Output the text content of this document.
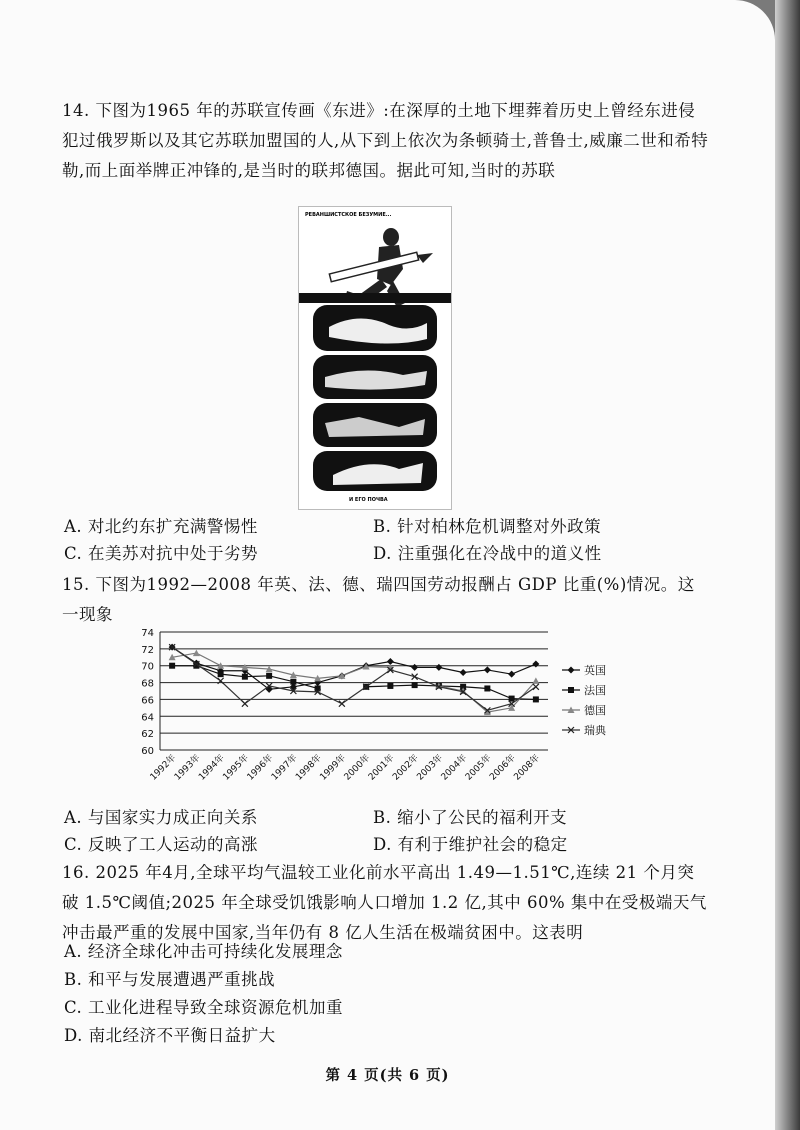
14. 下图为1965 年的苏联宣传画《东进》:在深厚的土地下埋葬着历史上曾经东进侵犯过俄罗斯以及其它苏联加盟国的人,从下到上依次为条顿骑士,普鲁士,威廉二世和希特勒,而上面举牌正冲锋的,是当时的联邦德国。据此可知,当时的苏联
РЕВАНШИСТСКОЕ БЕЗУМИЕ...
И ЕГО ПОЧВА
A. 对北约东扩充满警惕性	B. 针对柏林危机调整对外政策
C. 在美苏对抗中处于劣势	D. 注重强化在冷战中的道义性
15. 下图为1992—2008 年英、法、德、瑞四国劳动报酬占 GDP 比重(%)情况。这一现象
60
62
64
66
68
70
72
74
1992年
1993年
1994年
1995年
1996年
1997年
1998年
1999年
2000年
2001年
2002年
2003年
2004年
2005年
2006年
2008年
英国
法国
德国
瑞典
A. 与国家实力成正向关系	B. 缩小了公民的福利开支
C. 反映了工人运动的高涨	D. 有利于维护社会的稳定
16. 2025 年4月,全球平均气温较工业化前水平高出 1.49—1.51℃,连续 21 个月突破 1.5℃阈值;2025 年全球受饥饿影响人口增加 1.2 亿,其中 60% 集中在受极端天气冲击最严重的发展中国家,当年仍有 8 亿人生活在极端贫困中。这表明
A. 经济全球化冲击可持续化发展理念
B. 和平与发展遭遇严重挑战
C. 工业化进程导致全球资源危机加重
D. 南北经济不平衡日益扩大
第 4 页(共 6 页)
